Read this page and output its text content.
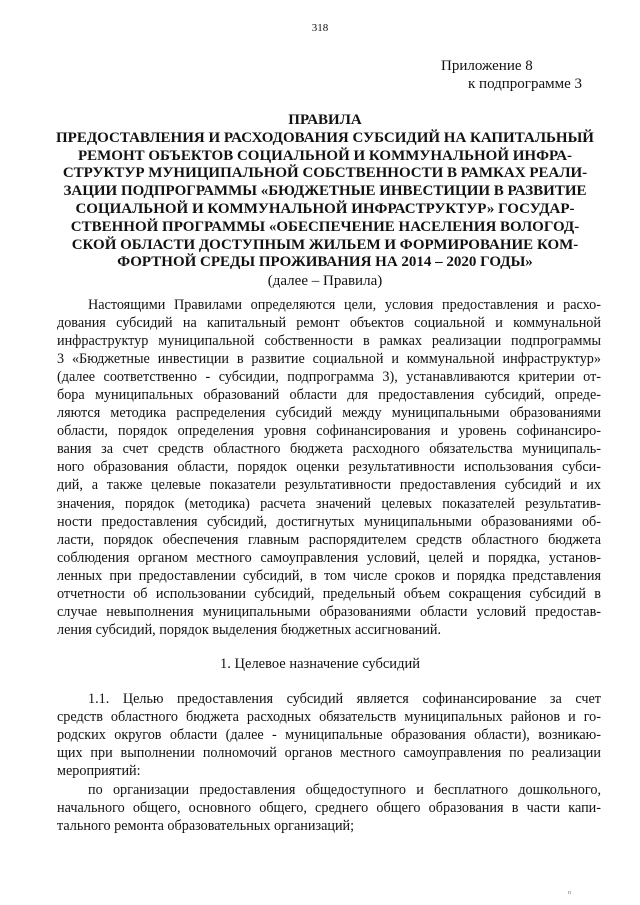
318
Приложение 8
к подпрограмме 3
ПРАВИЛА
ПРЕДОСТАВЛЕНИЯ И РАСХОДОВАНИЯ СУБСИДИЙ НА КАПИТАЛЬНЫЙ
РЕМОНТ ОБЪЕКТОВ СОЦИАЛЬНОЙ И КОММУНАЛЬНОЙ ИНФРА-
СТРУКТУР МУНИЦИПАЛЬНОЙ СОБСТВЕННОСТИ В РАМКАХ РЕАЛИ-
ЗАЦИИ ПОДПРОГРАММЫ «БЮДЖЕТНЫЕ ИНВЕСТИЦИИ В РАЗВИТИЕ
СОЦИАЛЬНОЙ И КОММУНАЛЬНОЙ ИНФРАСТРУКТУР» ГОСУДАР-
СТВЕННОЙ ПРОГРАММЫ «ОБЕСПЕЧЕНИЕ НАСЕЛЕНИЯ ВОЛОГОД-
СКОЙ ОБЛАСТИ ДОСТУПНЫМ ЖИЛЬЕМ И ФОРМИРОВАНИЕ КОМ-
ФОРТНОЙ СРЕДЫ ПРОЖИВАНИЯ НА 2014 – 2020 ГОДЫ»
(далее – Правила)
Настоящими Правилами определяются цели, условия предоставления и расхо-
дования субсидий на капитальный ремонт объектов социальной и коммунальной
инфраструктур муниципальной собственности в рамках реализации подпрограммы
3 «Бюджетные инвестиции в развитие социальной и коммунальной инфраструктур»
(далее соответственно - субсидии, подпрограмма 3), устанавливаются критерии от-
бора муниципальных образований области для предоставления субсидий, опреде-
ляются методика распределения субсидий между муниципальными образованиями
области, порядок определения уровня софинансирования и уровень софинансиро-
вания за счет средств областного бюджета расходного обязательства муниципаль-
ного образования области, порядок оценки результативности использования субси-
дий, а также целевые показатели результативности предоставления субсидий и их
значения, порядок (методика) расчета значений целевых показателей результатив-
ности предоставления субсидий, достигнутых муниципальными образованиями об-
ласти, порядок обеспечения главным распорядителем средств областного бюджета
соблюдения органом местного самоуправления условий, целей и порядка, установ-
ленных при предоставлении субсидий, в том числе сроков и порядка представления
отчетности об использовании субсидий, предельный объем сокращения субсидий в
случае невыполнения муниципальными образованиями области условий предостав-
ления субсидий, порядок выделения бюджетных ассигнований.
1. Целевое назначение субсидий
1.1. Целью предоставления субсидий является софинансирование за счет
средств областного бюджета расходных обязательств муниципальных районов и го-
родских округов области (далее - муниципальные образования области), возникаю-
щих при выполнении полномочий органов местного самоуправления по реализации
мероприятий:
по организации предоставления общедоступного и бесплатного дошкольного,
начального общего, основного общего, среднего общего образования в части капи-
тального ремонта образовательных организаций;
n
